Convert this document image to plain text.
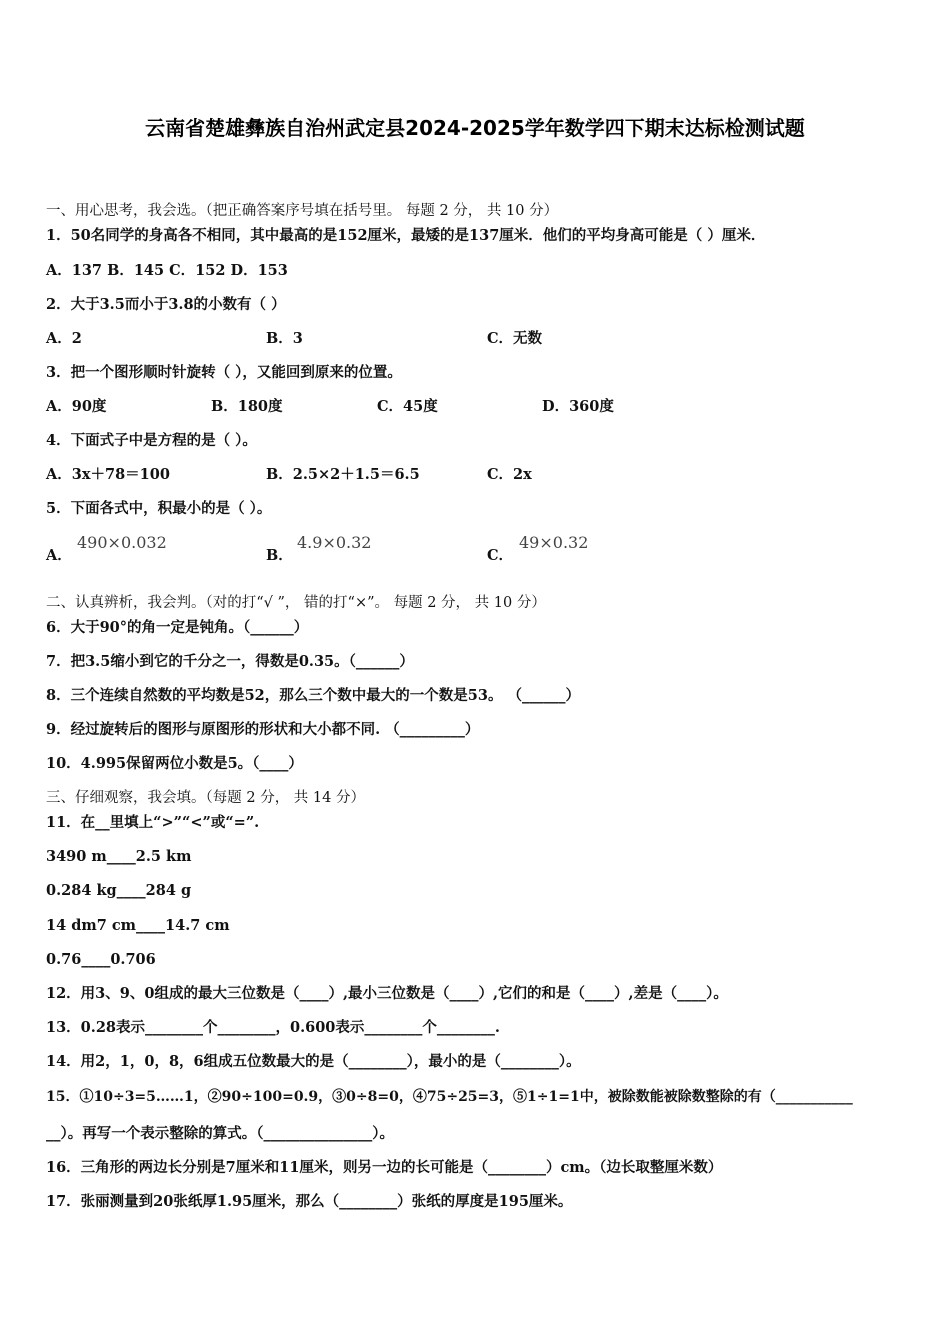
云南省楚雄彝族自治州武定县2024-2025学年数学四下期末达标检测试题
一、用心思考，我会选。（把正确答案序号填在括号里。 每题 2 分， 共 10 分）
1．50名同学的身高各不相同，其中最高的是152厘米，最矮的是137厘米．他们的平均身高可能是（ ）厘米．
A．137 B．145 C．152 D．153
2．大于3.5而小于3.8的小数有（ ）
A．2	B．3	C．无数
3．把一个图形顺时针旋转（ ），又能回到原来的位置。
A．90度	B．180度	C．45度	D．360度
4．下面式子中是方程的是（ ）。
A．3x＋78＝100	B．2.5×2＋1.5＝6.5	C．2x
5．下面各式中，积最小的是（ ）。
A．
490×0.032
B．
4.9×0.32
C．
49×0.32
二、认真辨析，我会判。（对的打“√ ”， 错的打“×”。 每题 2 分， 共 10 分）
6．大于90°的角一定是钝角。（______）
7．把3.5缩小到它的千分之一，得数是0.35。（______）
8．三个连续自然数的平均数是52，那么三个数中最大的一个数是53。 （______）
9．经过旋转后的图形与原图形的形状和大小都不同. （_________）
10．4.995保留两位小数是5。（____）
三、仔细观察，我会填。（每题 2 分， 共 14 分）
11．在__里填上“>”“<”或“=”.
3490 m____2.5 km
0.284 kg____284 g
14 dm7 cm____14.7 cm
0.76____0.706
12．用3、9、0组成的最大三位数是（____）,最小三位数是（____）,它们的和是（____）,差是（____）。
13．0.28表示________个________，0.600表示________个________.
14．用2，1，0，8，6组成五位数最大的是（________），最小的是（________）。
15．①10÷3=5……1，②90÷100=0.9，③0÷8=0，④75÷25=3，⑤1÷1=1中，被除数能被除数整除的有（___________
__）。再写一个表示整除的算式。（_______________）。
16．三角形的两边长分别是7厘米和11厘米，则另一边的长可能是（________）cm。（边长取整厘米数）
17．张丽测量到20张纸厚1.95厘米，那么（________）张纸的厚度是195厘米。
